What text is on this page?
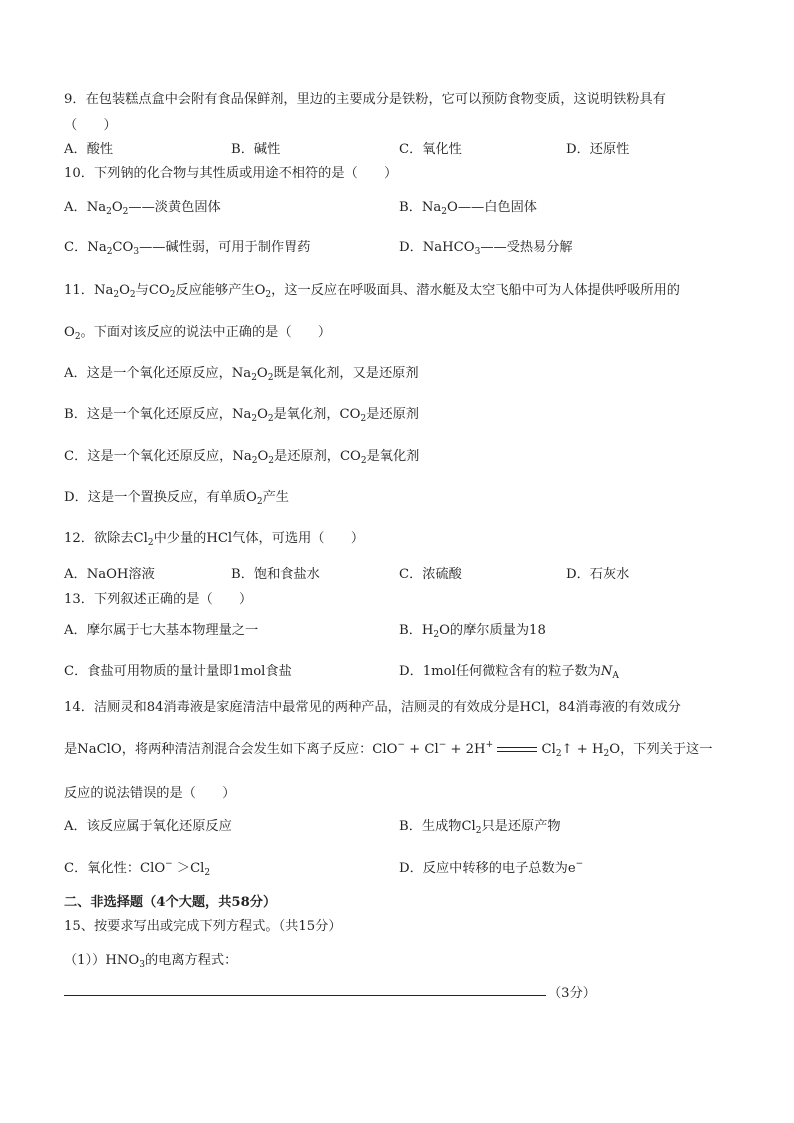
9．在包装糕点盒中会附有食品保鲜剂，里边的主要成分是铁粉，它可以预防食物变质，这说明铁粉具有
（　　）
A．酸性	B．碱性	C．氧化性	D．还原性
10．下列钠的化合物与其性质或用途不相符的是（　　）
A．$Na_2O_2——$淡黄色固体	B．$Na_2O——$白色固体
C．$Na_2CO_3——$碱性弱，可用于制作胃药	D．NaHCO$_3$——受热易分解
11．$Na_2O_2$与$CO_2$反应能够产生$O_2$，这一反应在呼吸面具、潜水艇及太空飞船中可为人体提供呼吸所用的
$O_2$。下面对该反应的说法中正确的是（　　）
A．这是一个氧化还原反应，$Na_2O_2$既是氧化剂，又是还原剂
B．这是一个氧化还原反应，$Na_2O_2$是氧化剂，$CO_2$是还原剂
C．这是一个氧化还原反应，$Na_2O_2$是还原剂，$CO_2$是氧化剂
D．这是一个置换反应，有单质$O_2$产生
12．欲除去$Cl_2$中少量的HCl气体，可选用（　　）
A．NaOH溶液	B．饱和食盐水	C．浓硫酸	D．石灰水
13．下列叙述正确的是（　　）
A．摩尔属于七大基本物理量之一	B．$H_2O$的摩尔质量为18
C．食盐可用物质的量计量即1mol食盐	D．1mol任何微粒含有的粒子数为$N_A$
14．洁厕灵和84消毒液是家庭清洁中最常见的两种产品，洁厕灵的有效成分是HCl，84消毒液的有效成分
是NaClO，将两种清洁剂混合会发生如下离子反应：ClO− + Cl− + 2H+	$Cl_2↑ + H_2O$，下列关于这一
反应的说法错误的是（　　）
A．该反应属于氧化还原反应	B．生成物$Cl_2$只是还原产物
C．氧化性：$ClO^- >Cl_2$	D．反应中转移的电子总数为e−
二、非选择题（4个大题，共58分）
15、按要求写出或完成下列方程式。（共15分）
$(1))HNO_3$的电离方程式：
（3分）
